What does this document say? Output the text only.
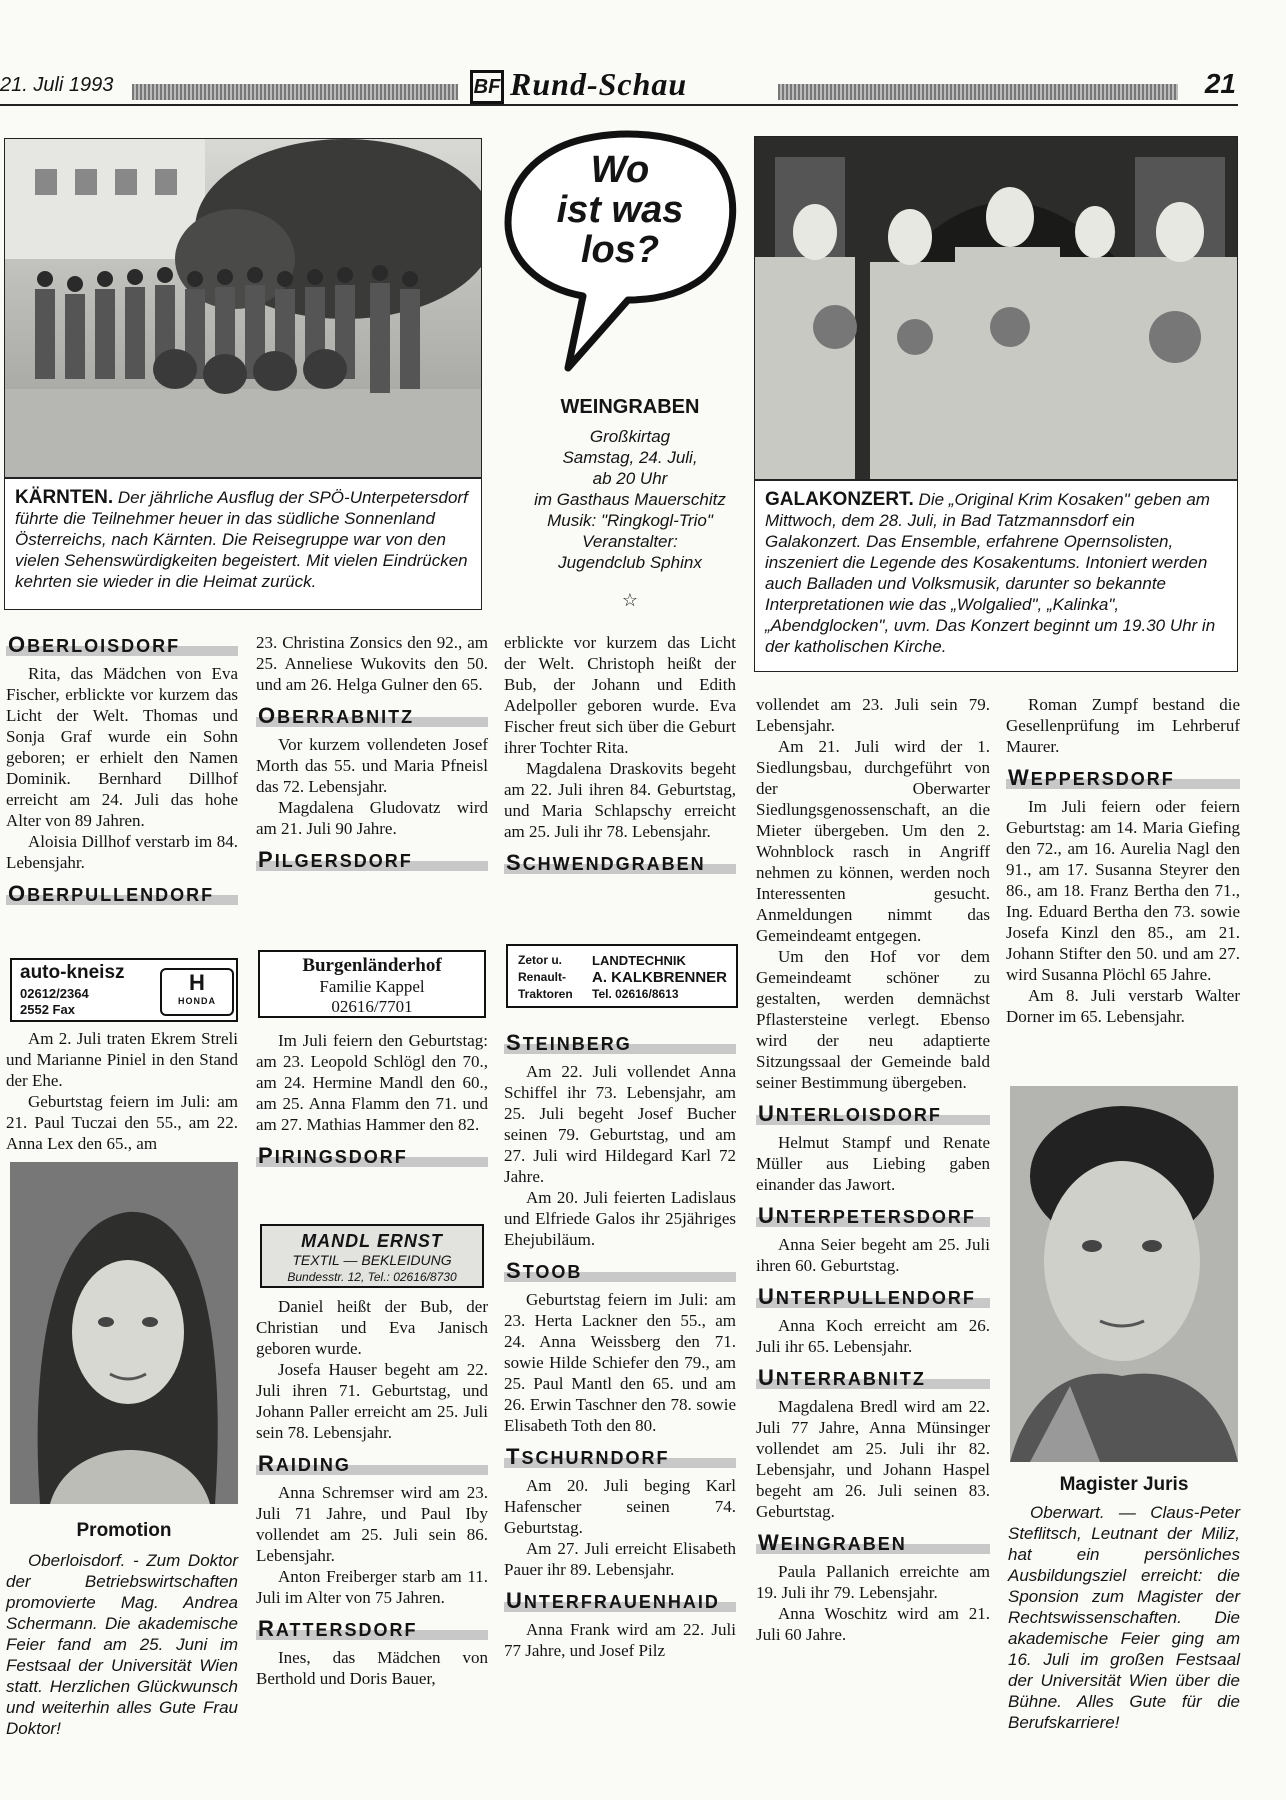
21. Juli 1993	BF Rund-Schau	21
KÄRNTEN. Der jährliche Ausflug der SPÖ-Unterpetersdorf führte die Teilnehmer heuer in das südliche Sonnenland Österreichs, nach Kärnten. Die Reisegruppe war von den vielen Sehenswürdigkeiten begeistert. Mit vielen Eindrücken kehrten sie wieder in die Heimat zurück.
Wo
ist was
los?
WEINGRABEN
Großkirtag
Samstag, 24. Juli,
ab 20 Uhr
im Gasthaus Mauerschitz
Musik: "Ringkogl-Trio"
Veranstalter:
Jugendclub Sphinx
☆
GALAKONZERT. Die „Original Krim Kosaken" geben am Mittwoch, dem 28. Juli, in Bad Tatzmannsdorf ein Galakonzert. Das Ensemble, erfahrene Opernsolisten, inszeniert die Legende des Kosakentums. Intoniert werden auch Balladen und Volksmusik, darunter so bekannte Interpretationen wie das „Wolgalied", „Kalinka", „Abendglocken", uvm. Das Konzert beginnt um 19.30 Uhr in der katholischen Kirche.
OBERLOISDORF

Rita, das Mädchen von Eva Fischer, erblickte vor kurzem das Licht der Welt. Thomas und Sonja Graf wurde ein Sohn geboren; er erhielt den Namen Dominik. Bernhard Dillhof erreicht am 24. Juli das hohe Alter von 89 Jahren.

Aloisia Dillhof verstarb im 84. Lebensjahr.

OBERPULLENDORF
auto-kneisz
02612/2364
2552 Fax
H
HONDA

Am 2. Juli traten Ekrem Streli und Marianne Piniel in den Stand der Ehe.

Geburtstag feiern im Juli: am 21. Paul Tuczai den 55., am 22. Anna Lex den 65., am

Promotion
Oberloisdorf. - Zum Doktor der Betriebswirtschaften promovierte Mag. Andrea Schermann. Die akademische Feier fand am 25. Juni im Festsaal der Universität Wien statt. Herzlichen Glückwunsch und weiterhin alles Gute Frau Doktor!

23. Christina Zonsics den 92., am 25. Anneliese Wukovits den 50. und am 26. Helga Gulner den 65.

OBERRABNITZ

Vor kurzem vollendeten Josef Morth das 55. und Maria Pfneisl das 72. Lebensjahr.

Magdalena Gludovatz wird am 21. Juli 90 Jahre.

PILGERSDORF
Burgenländerhof
Familie Kappel
02616/7701

Im Juli feiern den Geburtstag: am 23. Leopold Schlögl den 70., am 24. Hermine Mandl den 60., am 25. Anna Flamm den 71. und am 27. Mathias Hammer den 82.

PIRINGSDORF
MANDL ERNST
TEXTIL — BEKLEIDUNG
Bundesstr. 12, Tel.: 02616/8730

Daniel heißt der Bub, der Christian und Eva Janisch geboren wurde.

Josefa Hauser begeht am 22. Juli ihren 71. Geburtstag, und Johann Paller erreicht am 25. Juli sein 78. Lebensjahr.

RAIDING

Anna Schremser wird am 23. Juli 71 Jahre, und Paul Iby vollendet am 25. Juli sein 86. Lebensjahr.

Anton Freiberger starb am 11. Juli im Alter von 75 Jahren.

RATTERSDORF

Ines, das Mädchen von Berthold und Doris Bauer,

erblickte vor kurzem das Licht der Welt. Christoph heißt der Bub, der Johann und Edith Adelpoller geboren wurde. Eva Fischer freut sich über die Geburt ihrer Tochter Rita.

Magdalena Draskovits begeht am 22. Juli ihren 84. Geburtstag, und Maria Schlapschy erreicht am 25. Juli ihr 78. Lebensjahr.

SCHWENDGRABEN
Zetor u.
Renault-
Traktoren
LANDTECHNIK
A. KALKBRENNER
Tel. 02616/8613
STEINBERG

Am 22. Juli vollendet Anna Schiffel ihr 73. Lebensjahr, am 25. Juli begeht Josef Bucher seinen 79. Geburtstag, und am 27. Juli wird Hildegard Karl 72 Jahre.

Am 20. Juli feierten Ladislaus und Elfriede Galos ihr 25jähriges Ehejubiläum.

STOOB

Geburtstag feiern im Juli: am 23. Herta Lackner den 55., am 24. Anna Weissberg den 71. sowie Hilde Schiefer den 79., am 25. Paul Mantl den 65. und am 26. Erwin Taschner den 78. sowie Elisabeth Toth den 80.

TSCHURNDORF

Am 20. Juli beging Karl Hafenscher seinen 74. Geburtstag.

Am 27. Juli erreicht Elisabeth Pauer ihr 89. Lebensjahr.

UNTERFRAUENHAID

Anna Frank wird am 22. Juli 77 Jahre, und Josef Pilz

vollendet am 23. Juli sein 79. Lebensjahr.

Am 21. Juli wird der 1. Siedlungsbau, durchgeführt von der Oberwarter Siedlungsgenossenschaft, an die Mieter übergeben. Um den 2. Wohnblock rasch in Angriff nehmen zu können, werden noch Interessenten gesucht. Anmeldungen nimmt das Gemeindeamt entgegen.

Um den Hof vor dem Gemeindeamt schöner zu gestalten, werden demnächst Pflastersteine verlegt. Ebenso wird der neu adaptierte Sitzungssaal der Gemeinde bald seiner Bestimmung übergeben.

UNTERLOISDORF

Helmut Stampf und Renate Müller aus Liebing gaben einander das Jawort.

UNTERPETERSDORF

Anna Seier begeht am 25. Juli ihren 60. Geburtstag.

UNTERPULLENDORF

Anna Koch erreicht am 26. Juli ihr 65. Lebensjahr.

UNTERRABNITZ

Magdalena Bredl wird am 22. Juli 77 Jahre, Anna Münsinger vollendet am 25. Juli ihr 82. Lebensjahr, und Johann Haspel begeht am 26. Juli seinen 83. Geburtstag.

WEINGRABEN

Paula Pallanich erreichte am 19. Juli ihr 79. Lebensjahr.

Anna Woschitz wird am 21. Juli 60 Jahre.

Roman Zumpf bestand die Gesellenprüfung im Lehrberuf Maurer.

WEPPERSDORF

Im Juli feiern oder feiern Geburtstag: am 14. Maria Giefing den 72., am 16. Aurelia Nagl den 91., am 17. Susanna Steyrer den 86., am 18. Franz Bertha den 71., Ing. Eduard Bertha den 73. sowie Josefa Kinzl den 85., am 21. Johann Stifter den 50. und am 27. wird Susanna Plöchl 65 Jahre.

Am 8. Juli verstarb Walter Dorner im 65. Lebensjahr.

Magister Juris
Oberwart. — Claus-Peter Steflitsch, Leutnant der Miliz, hat ein persönliches Ausbildungsziel erreicht: die Sponsion zum Magister der Rechtswissenschaften. Die akademische Feier ging am 16. Juli im großen Festsaal der Universität Wien über die Bühne. Alles Gute für die Berufskarriere!
